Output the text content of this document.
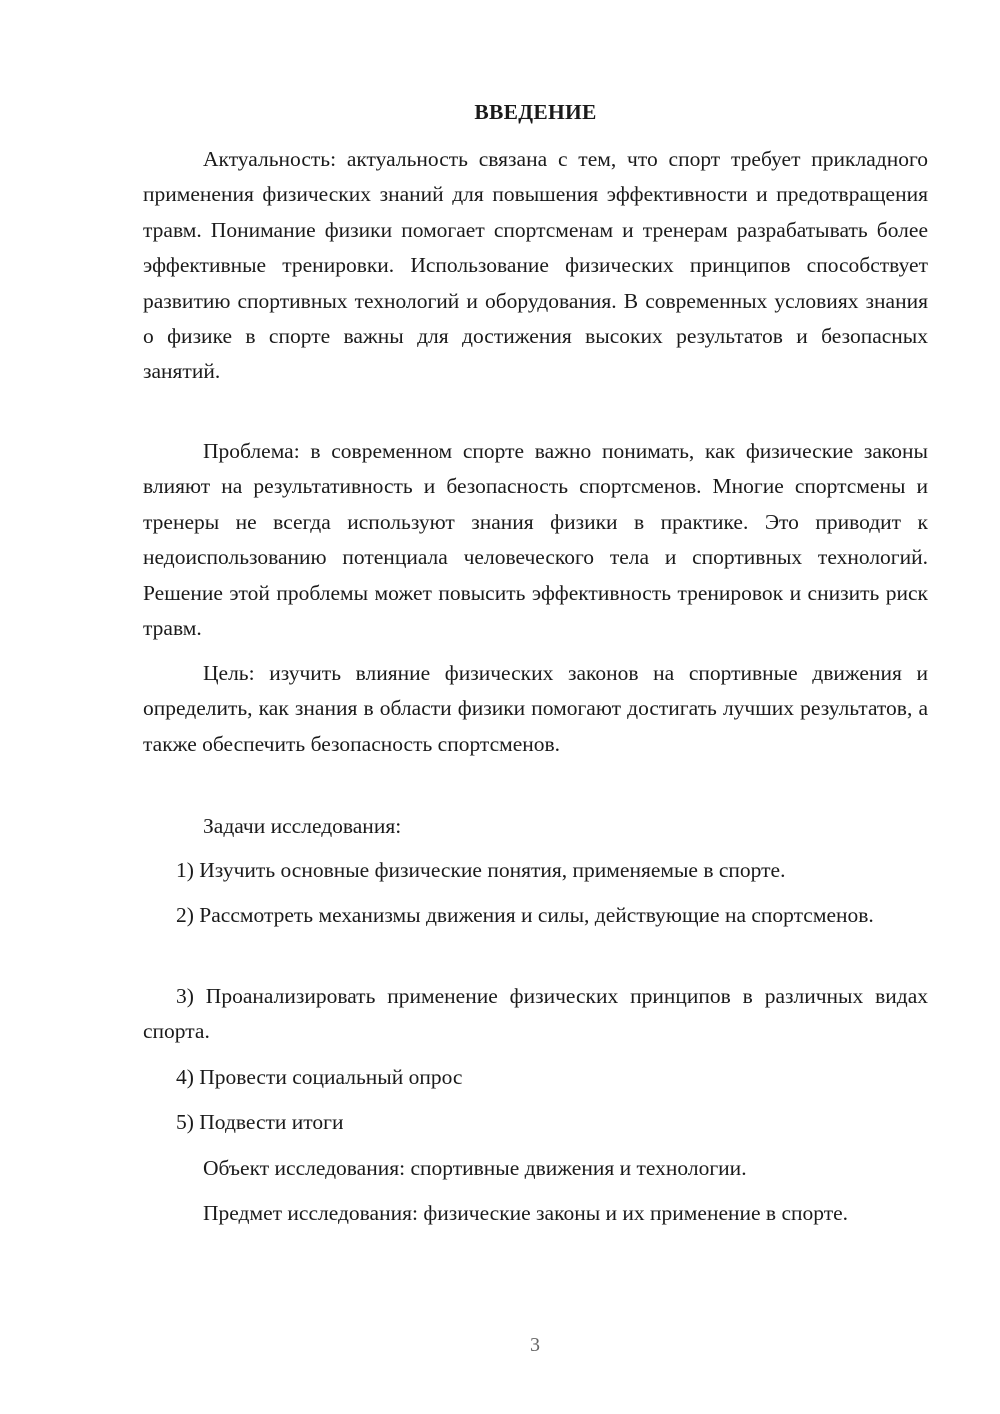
ВВЕДЕНИЕ

Актуальность: актуальность связана с тем, что спорт требует прикладного применения физических знаний для повышения эффективности и предотвращения травм. Понимание физики помогает спортсменам и тренерам разрабатывать более эффективные тренировки. Использование физических принципов способствует развитию спортивных технологий и оборудования. В современных условиях знания о физике в спорте важны для достижения высоких результатов и безопасных занятий.

Проблема: в современном спорте важно понимать, как физические законы влияют на результативность и безопасность спортсменов. Многие спортсмены и тренеры не всегда используют знания физики в практике. Это приводит к недоиспользованию потенциала человеческого тела и спортивных технологий. Решение этой проблемы может повысить эффективность тренировок и снизить риск травм.

Цель: изучить влияние физических законов на спортивные движения и определить, как знания в области физики помогают достигать лучших результатов, а также обеспечить безопасность спортсменов.

Задачи исследования:

1) Изучить основные физические понятия, применяемые в спорте.

2) Рассмотреть механизмы движения и силы, действующие на спортсменов.

3) Проанализировать применение физических принципов в различных видах спорта.

4) Провести социальный опрос

5) Подвести итоги

Объект исследования: спортивные движения и технологии.

Предмет исследования: физические законы и их применение в спорте.

3
